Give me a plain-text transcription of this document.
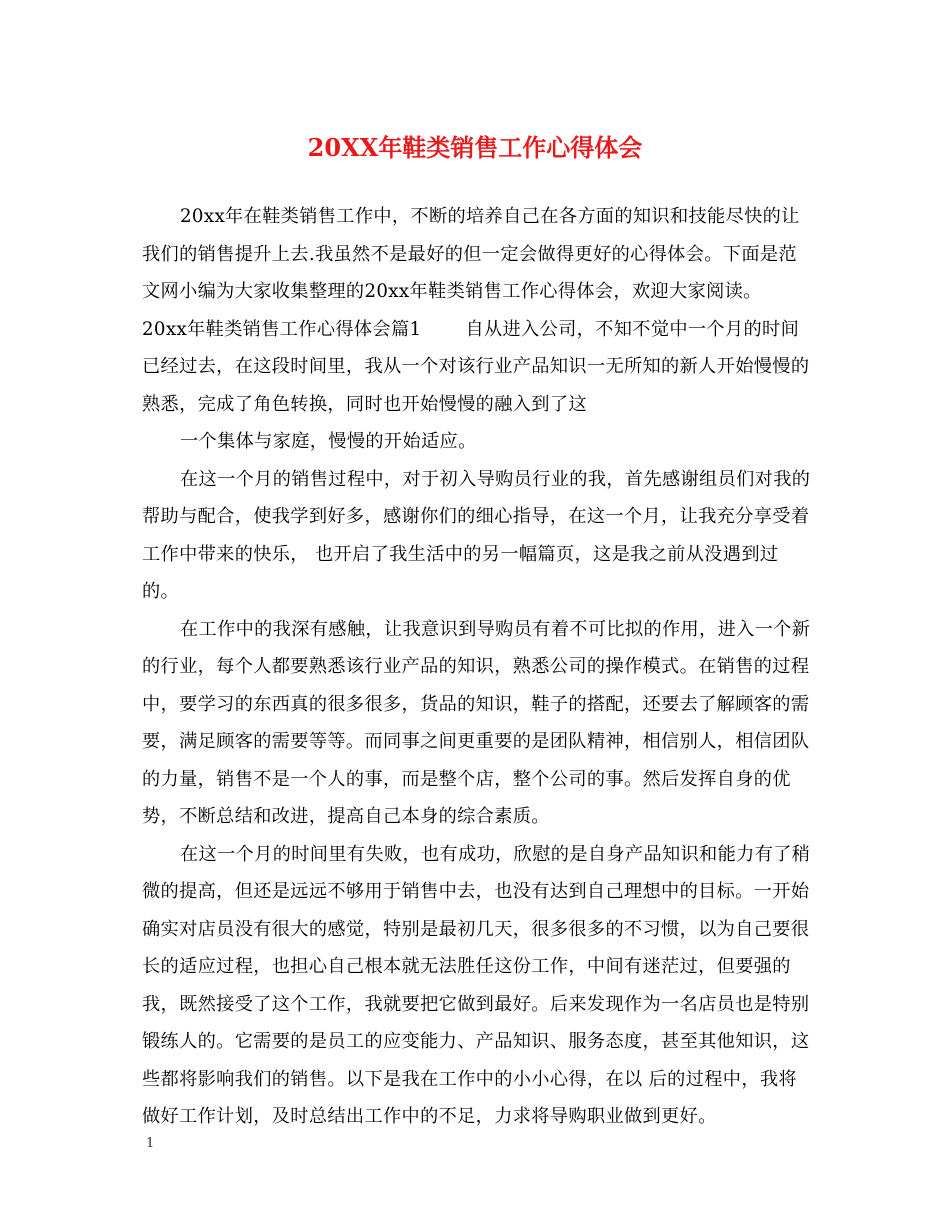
20XX年鞋类销售工作心得体会

20xx年在鞋类销售工作中，不断的培养自己在各方面的知识和技能尽快的让我们的销售提升上去.我虽然不是最好的但一定会做得更好的心得体会。下面是范文网小编为大家收集整理的20xx年鞋类销售工作心得体会，欢迎大家阅读。

20xx年鞋类销售工作心得体会篇1 自从进入公司，不知不觉中一个月的时间已经过去，在这段时间里，我从一个对该行业产品知识一无所知的新人开始慢慢的熟悉，完成了角色转换，同时也开始慢慢的融入到了这

一个集体与家庭，慢慢的开始适应。

在这一个月的销售过程中，对于初入导购员行业的我，首先感谢组员们对我的帮助与配合，使我学到好多，感谢你们的细心指导，在这一个月，让我充分享受着工作中带来的快乐， 也开启了我生活中的另一幅篇页，这是我之前从没遇到过的。

在工作中的我深有感触，让我意识到导购员有着不可比拟的作用，进入一个新的行业，每个人都要熟悉该行业产品的知识，熟悉公司的操作模式。在销售的过程中，要学习的东西真的很多很多，货品的知识，鞋子的搭配，还要去了解顾客的需要，满足顾客的需要等等。而同事之间更重要的是团队精神，相信别人，相信团队的力量，销售不是一个人的事，而是整个店，整个公司的事。然后发挥自身的优势，不断总结和改进，提高自己本身的综合素质。

在这一个月的时间里有失败，也有成功，欣慰的是自身产品知识和能力有了稍微的提高，但还是远远不够用于销售中去，也没有达到自己理想中的目标。一开始确实对店员没有很大的感觉，特别是最初几天，很多很多的不习惯，以为自己要很长的适应过程，也担心自己根本就无法胜任这份工作，中间有迷茫过，但要强的我，既然接受了这个工作，我就要把它做到最好。后来发现作为一名店员也是特别锻练人的。它需要的是员工的应变能力、产品知识、服务态度，甚至其他知识，这些都将影响我们的销售。以下是我在工作中的小小心得，在以 后的过程中，我将做好工作计划，及时总结出工作中的不足，力求将导购职业做到更好。

1
